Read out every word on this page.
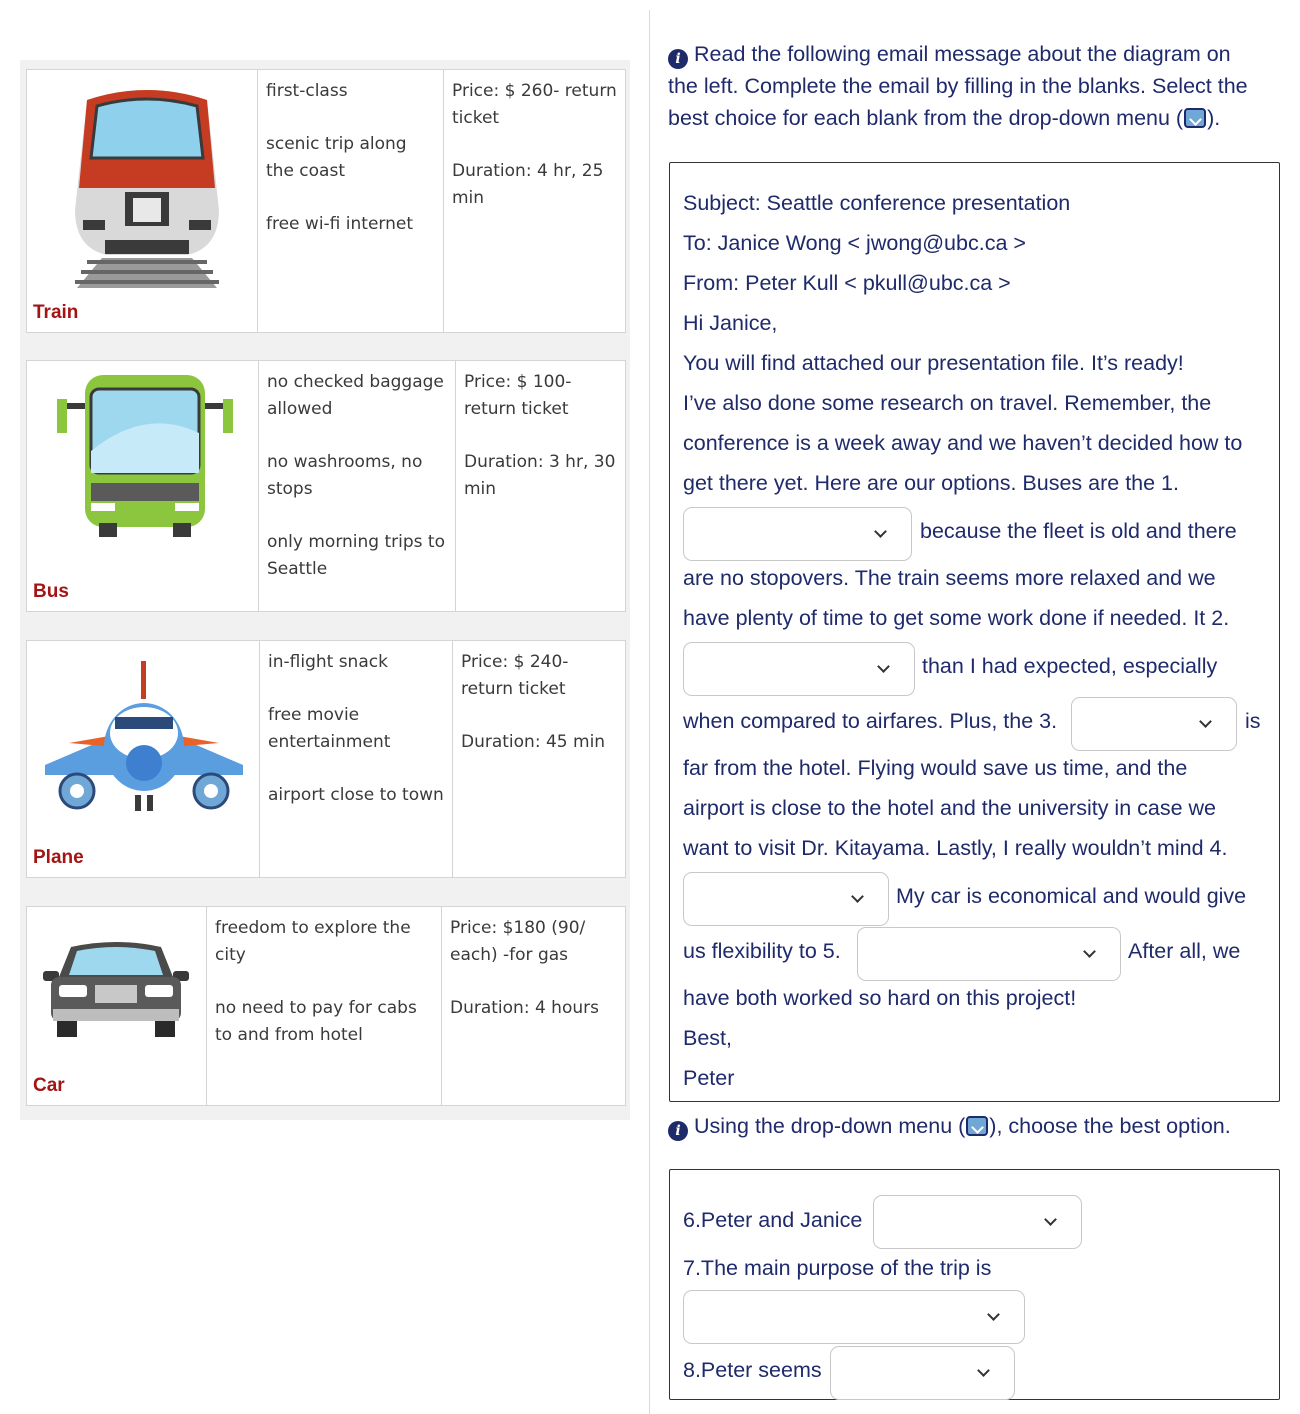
Train

first-class

scenic trip along the coast

free wi-fi internet

Price: $ 260- return ticket

Duration: 4 hr, 25 min

Bus

no checked baggage allowed

no washrooms, no stops

only morning trips to Seattle

Price: $ 100- return ticket

Duration: 3 hr, 30 min

Plane

in-flight snack

free movie entertainment

airport close to town

Price: $ 240- return ticket

Duration: 45 min

Car

freedom to explore the city

no need to pay for cabs to and from hotel

Price: $180 (90/ each) -for gas

Duration: 4 hours

i Read the following email message about the diagram on
the left. Complete the email by filling in the blanks. Select the
best choice for each blank from the drop-down menu ( ).
Subject: Seattle conference presentation
To: Janice Wong < jwong@ubc.ca >
From: Peter Kull < pkull@ubc.ca >
Hi Janice,
You will find attached our presentation file. It’s ready!
I’ve also done some research on travel. Remember, the
conference is a week away and we haven’t decided how to
get there yet. Here are our options. Buses are the 1.
because the fleet is old and there
are no stopovers. The train seems more relaxed and we
have plenty of time to get some work done if needed. It 2.
than I had expected, especially
when compared to airfares. Plus, the 3.	is
far from the hotel. Flying would save us time, and the
airport is close to the hotel and the university in case we
want to visit Dr. Kitayama. Lastly, I really wouldn’t mind 4.
My car is economical and would give
us flexibility to 5.	After all, we
have both worked so hard on this project!
Best,
Peter
i Using the drop-down menu ( ), choose the best option.
6.Peter and Janice
7.The main purpose of the trip is
8.Peter seems
